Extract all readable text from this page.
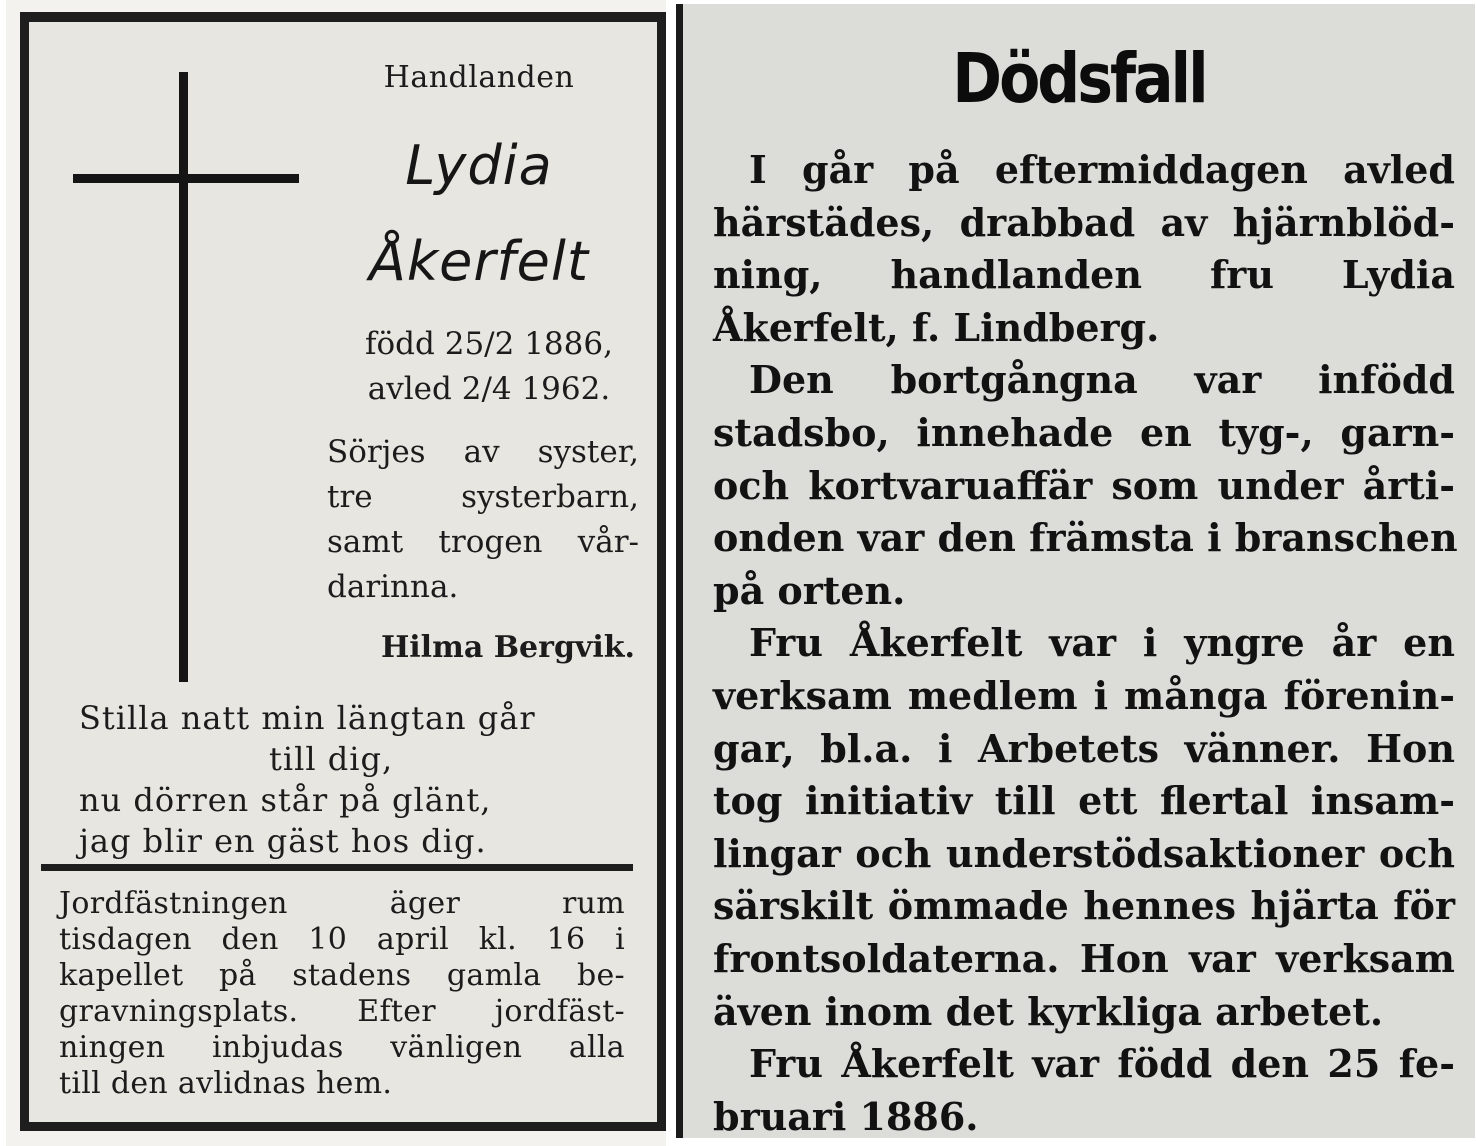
Handlanden
Lydia
Åkerfelt
född 25/2 1886,
avled 2/4 1962.
Sörjes av syster,
tre systerbarn,
samt trogen vår-
darinna.
Hilma Bergvik.
Stilla natt min längtan går
till dig,
nu dörren står på glänt,
jag blir en gäst hos dig.
Jordfästningen äger rum
tisdagen den 10 april kl. 16 i
kapellet på stadens gamla be-
gravningsplats. Efter jordfäst-
ningen inbjudas vänligen alla
till den avlidnas hem.
Dödsfall
I går på eftermiddagen avled
härstädes, drabbad av hjärnblöd-
ning, handlanden fru Lydia
Åkerfelt, f. Lindberg.
Den bortgångna var infödd
stadsbo, innehade en tyg-, garn-
och kortvaruaffär som under årti-
onden var den främsta i branschen
på orten.
Fru Åkerfelt var i yngre år en
verksam medlem i många förenin-
gar, bl.a. i Arbetets vänner. Hon
tog initiativ till ett flertal insam-
lingar och understödsaktioner och
särskilt ömmade hennes hjärta för
frontsoldaterna. Hon var verksam
även inom det kyrkliga arbetet.
Fru Åkerfelt var född den 25 fe-
bruari 1886.
